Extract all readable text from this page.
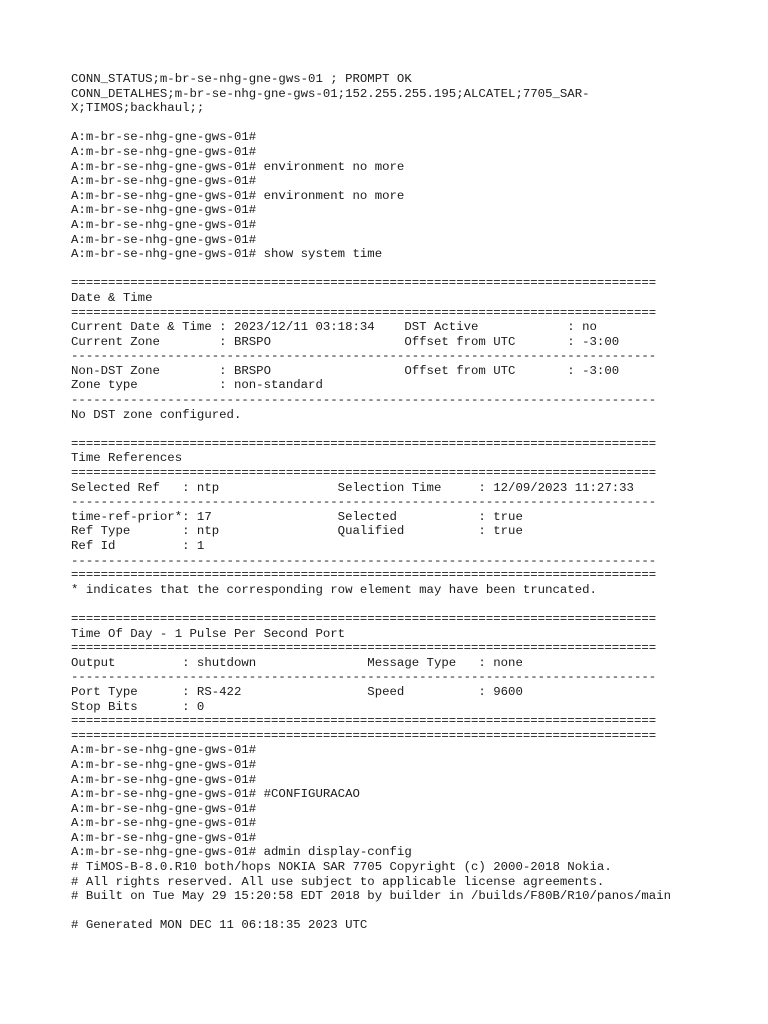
CONN_STATUS;m-br-se-nhg-gne-gws-01 ; PROMPT OK
CONN_DETALHES;m-br-se-nhg-gne-gws-01;152.255.255.195;ALCATEL;7705_SAR-
X;TIMOS;backhaul;;
A:m-br-se-nhg-gne-gws-01#
A:m-br-se-nhg-gne-gws-01#
A:m-br-se-nhg-gne-gws-01# environment no more
A:m-br-se-nhg-gne-gws-01#
A:m-br-se-nhg-gne-gws-01# environment no more
A:m-br-se-nhg-gne-gws-01#
A:m-br-se-nhg-gne-gws-01#
A:m-br-se-nhg-gne-gws-01#
A:m-br-se-nhg-gne-gws-01# show system time
===============================================================================
Date & Time
===============================================================================
Current Date & Time : 2023/12/11 03:18:34    DST Active            : no
Current Zone        : BRSPO                  Offset from UTC       : -3:00
-------------------------------------------------------------------------------
Non-DST Zone        : BRSPO                  Offset from UTC       : -3:00
Zone type           : non-standard
-------------------------------------------------------------------------------
No DST zone configured.
===============================================================================
Time References
===============================================================================
Selected Ref   : ntp                Selection Time     : 12/09/2023 11:27:33
-------------------------------------------------------------------------------
time-ref-prior*: 17                 Selected           : true
Ref Type       : ntp                Qualified          : true
Ref Id         : 1
-------------------------------------------------------------------------------
===============================================================================
* indicates that the corresponding row element may have been truncated.
===============================================================================
Time Of Day - 1 Pulse Per Second Port
===============================================================================
Output         : shutdown               Message Type   : none
-------------------------------------------------------------------------------
Port Type      : RS-422                 Speed          : 9600
Stop Bits      : 0
===============================================================================
===============================================================================
A:m-br-se-nhg-gne-gws-01#
A:m-br-se-nhg-gne-gws-01#
A:m-br-se-nhg-gne-gws-01#
A:m-br-se-nhg-gne-gws-01# #CONFIGURACAO
A:m-br-se-nhg-gne-gws-01#
A:m-br-se-nhg-gne-gws-01#
A:m-br-se-nhg-gne-gws-01#
A:m-br-se-nhg-gne-gws-01# admin display-config
# TiMOS-B-8.0.R10 both/hops NOKIA SAR 7705 Copyright (c) 2000-2018 Nokia.
# All rights reserved. All use subject to applicable license agreements.
# Built on Tue May 29 15:20:58 EDT 2018 by builder in /builds/F80B/R10/panos/main
# Generated MON DEC 11 06:18:35 2023 UTC
